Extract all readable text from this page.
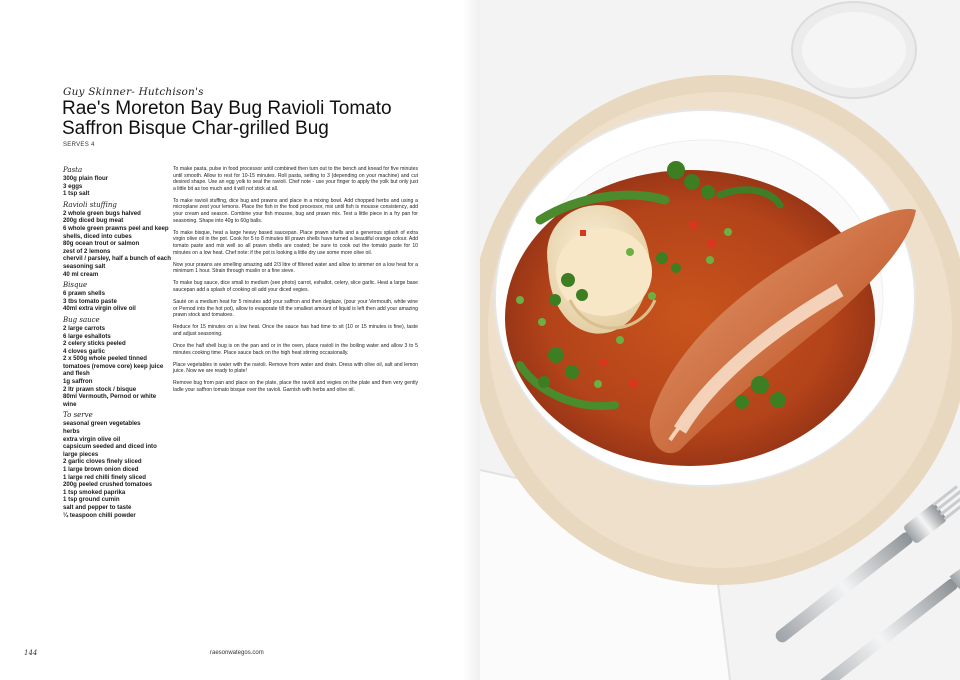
Guy Skinner- Hutchison's
Rae's Moreton Bay Bug Ravioli Tomato
Saffron Bisque Char-grilled Bug
SERVES 4
Pasta
300g plain flour
3 eggs
1 tsp salt
Ravioli stuffing
2 whole green bugs halved
200g diced bug meat
6 whole green prawns peel and keep shells, diced into cubes
80g ocean trout or salmon
zest of 2 lemons
chervil / parsley, half a bunch of each
seasoning salt
40 ml cream
Bisque
6 prawn shells
3 tbs tomato paste
40ml extra virgin olive oil
Bug sauce
2 large carrots
6 large eshallots
2 celery sticks peeled
4 cloves garlic
2 x 500g whole peeled tinned tomatoes (remove core) keep juice and flesh
1g saffron
2 ltr prawn stock / bisque
80ml Vermouth, Pernod or white wine
To serve
seasonal green vegetables
herbs
extra virgin olive oil
capsicum seeded and diced into large pieces
2 garlic cloves finely sliced
1 large brown onion diced
1 large red chilli finely sliced
200g peeled crushed tomatoes
1 tsp smoked paprika
1 tsp ground cumin
salt and pepper to taste
¼ teaspoon chilli powder

To make pasta, pulse in food processor until combined then turn out to the bench and knead for five minutes until smooth. Allow to rest for 10-15 minutes. Roll pasta, setting to 3 (depending on your machine) and cut desired shape. Use an egg yolk to seal the ravioli. Chef note - use your finger to apply the yolk but only just a little bit as too much and it will not stick at all.

To make ravioli stuffing, dice bug and prawns and place in a mixing bowl. Add chopped herbs and using a microplane zest your lemons. Place the fish in the food processor, mix until fish is mousse consistency, add your cream and season. Combine your fish mousse, bug and prawn mix. Test a little piece in a fry pan for seasoning. Shape into 40g to 60g balls.

To make bisque, heat a large heavy based saucepan. Place prawn shells and a generous splash of extra virgin olive oil in the pot. Cook for 5 to 8 minutes till prawn shells have turned a beautiful orange colour. Add tomato paste and mix well so all prawn shells are coated; be sure to cook out the tomato paste for 10 minutes on a low heat. Chef note: if the pot is looking a little dry use some more olive oil.

Now your prawns are smelling amazing add 2/3 litre of filtered water and allow to simmer on a low heat for a minimum 1 hour. Strain through muslin or a fine sieve.

To make bug sauce, dice small to medium (see photo) carrot, eshallot, celery, slice garlic. Heat a large base saucepan add a splash of cooking oil add your diced vegies.

Sauté on a medium heat for 5 minutes add your saffron and then deglaze, (pour your Vermouth, white wine or Pernod into the hot pot), allow to evaporate till the smallest amount of liquid is left then add your amazing prawn stock and tomatoes.

Reduce for 15 minutes on a low heat. Once the sauce has had time to sit (10 or 15 minutes is fine), taste and adjust seasoning.

Once the half shell bug is on the pan and or in the oven, place ravioli in the boiling water and allow 3 to 5 minutes cooking time. Place sauce back on the high heat stirring occasionally.

Place vegetables in water with the ravioli. Remove from water and drain. Dress with olive oil, salt and lemon juice. Now we are ready to plate!

Remove bug from pan and place on the plate, place the ravioli and vegies on the plate and then very gently ladle your saffron tomato bisque over the ravioli. Garnish with herbs and olive oil.

144	raesonwategos.com
